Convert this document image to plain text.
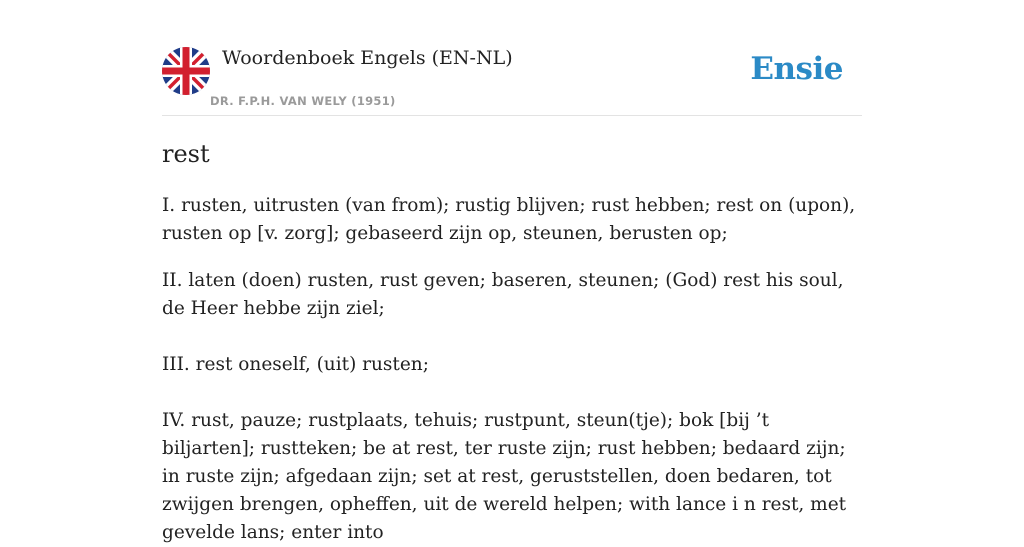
Woordenboek Engels (EN-NL)
DR. F.P.H. VAN WELY (1951)
Ensie
rest

I. rusten, uitrusten (van from); rustig blijven; rust hebben; rest on (upon), rusten op [v. zorg]; gebaseerd zijn op, steunen, berusten op;

II. laten (doen) rusten, rust geven; baseren, steunen; (God) rest his soul, de Heer hebbe zijn ziel;

III. rest oneself, (uit) rusten;

IV. rust, pauze; rustplaats, tehuis; rustpunt, steun(tje); bok [bij ’t biljarten]; rustteken; be at rest, ter ruste zijn; rust hebben; bedaard zijn; in ruste zijn; afgedaan zijn; set at rest, geruststellen, doen bedaren, tot zwijgen brengen, opheffen, uit de wereld helpen; with lance i n rest, met gevelde lans; enter into
